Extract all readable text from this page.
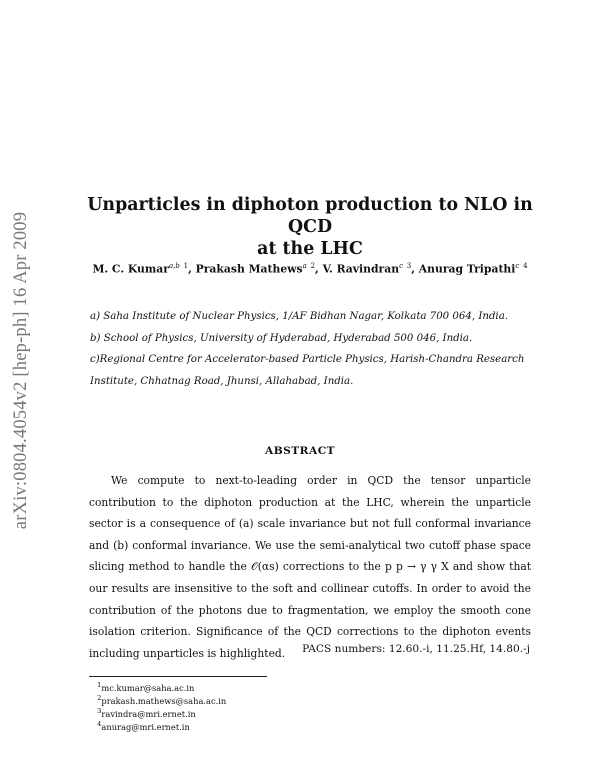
arXiv:0804.4054v2 [hep-ph] 16 Apr 2009
Unparticles in diphoton production to NLO in QCD
at the LHC
M. C. Kumar$^{a,b}$ $^1$, Prakash Mathews$^a$ $^2$, V. Ravindran$^c$ $^3$, Anurag Tripathi$^c$ $^4$
a) Saha Institute of Nuclear Physics, 1/AF Bidhan Nagar, Kolkata 700 064, India.
b) School of Physics, University of Hyderabad, Hyderabad 500 046, India.
c)Regional Centre for Accelerator-based Particle Physics, Harish-Chandra Research
Institute, Chhatnag Road, Jhunsi, Allahabad, India.
ABSTRACT

We compute to next-to-leading order in QCD the tensor unparticle contribution to the diphoton production at the LHC, wherein the unparticle sector is a consequence of (a) scale invariance but not full conformal invariance and (b) conformal invariance. We use the semi-analytical two cutoff phase space slicing method to handle the 𝒪(αs) corrections to the p p → γ γ X and show that our results are insensitive to the soft and collinear cutoffs. In order to avoid the contribution of the photons due to fragmentation, we employ the smooth cone isolation criterion. Significance of the QCD corrections to the diphoton events including unparticles is highlighted.	PACS numbers: 12.60.-i, 11.25.Hf, 14.80.-j
$^1$mc.kumar@saha.ac.in
$^2$prakash.mathews@saha.ac.in
$^3$ravindra@mri.ernet.in
$^4$anurag@mri.ernet.in
